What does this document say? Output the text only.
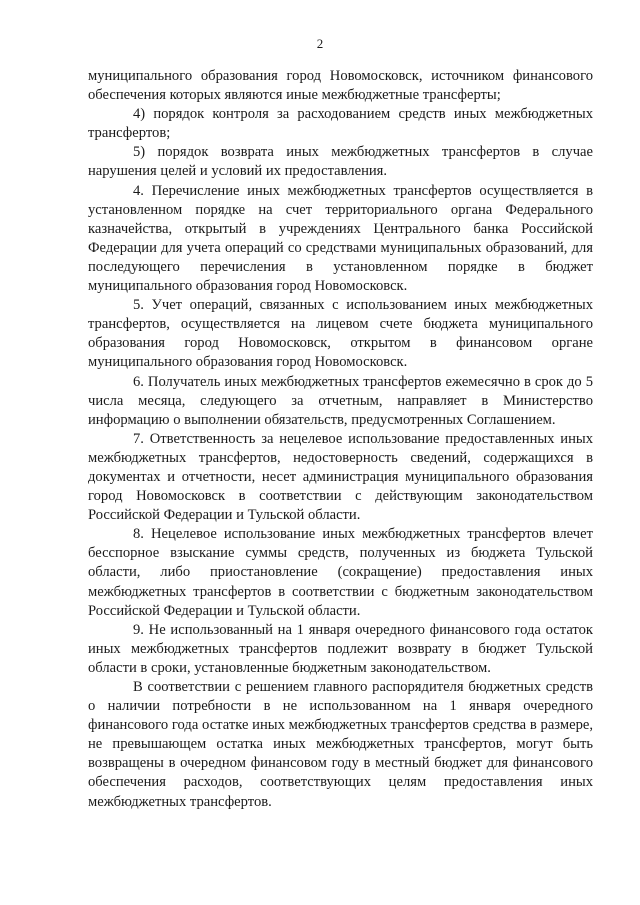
2

муниципального образования город Новомосковск, источником финансового обеспечения которых являются иные межбюджетные трансферты;

4) порядок контроля за расходованием средств иных межбюджетных трансфертов;

5) порядок возврата иных межбюджетных трансфертов в случае нарушения целей и условий их предоставления.

4. Перечисление иных межбюджетных трансфертов осуществляется в установленном порядке на счет территориального органа Федерального казначейства, открытый в учреждениях Центрального банка Российской Федерации для учета операций со средствами муниципальных образований, для последующего перечисления в установленном порядке в бюджет муниципального образования город Новомосковск.

5. Учет операций, связанных с использованием иных межбюджетных трансфертов, осуществляется на лицевом счете бюджета муниципального образования город Новомосковск, открытом в финансовом органе муниципального образования город Новомосковск.

6. Получатель иных межбюджетных трансфертов ежемесячно в срок до 5 числа месяца, следующего за отчетным, направляет в Министерство информацию о выполнении обязательств, предусмотренных Соглашением.

7. Ответственность за нецелевое использование предоставленных иных межбюджетных трансфертов, недостоверность сведений, содержащихся в документах и отчетности, несет администрация муниципального образования город Новомосковск в соответствии с действующим законодательством Российской Федерации и Тульской области.

8. Нецелевое использование иных межбюджетных трансфертов влечет бесспорное взыскание суммы средств, полученных из бюджета Тульской области, либо приостановление (сокращение) предоставления иных межбюджетных трансфертов в соответствии с бюджетным законодательством Российской Федерации и Тульской области.

9. Не использованный на 1 января очередного финансового года остаток иных межбюджетных трансфертов подлежит возврату в бюджет Тульской области в сроки, установленные бюджетным законодательством.

В соответствии с решением главного распорядителя бюджетных средств о наличии потребности в не использованном на 1 января очередного финансового года остатке иных межбюджетных трансфертов средства в размере, не превышающем остатка иных межбюджетных трансфертов, могут быть возвращены в очередном финансовом году в местный бюджет для финансового обеспечения расходов, соответствующих целям предоставления иных межбюджетных трансфертов.
